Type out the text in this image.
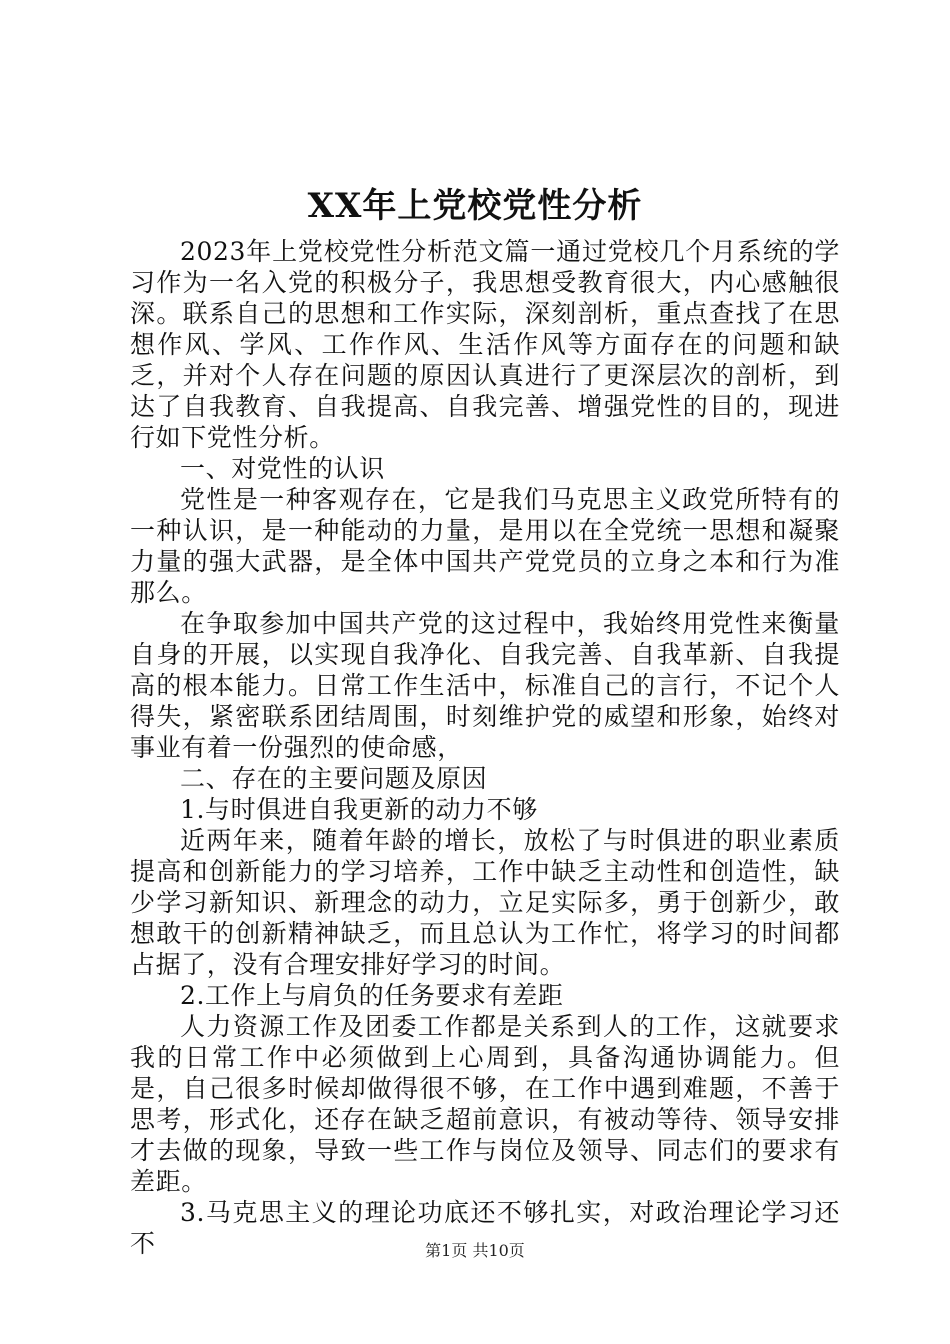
XX年上党校党性分析

2023年上党校党性分析范文篇一通过党校几个月系统的学习作为一名入党的积极分子，我思想受教育很大，内心感触很深。联系自己的思想和工作实际，深刻剖析，重点查找了在思想作风、学风、工作作风、生活作风等方面存在的问题和缺乏，并对个人存在问题的原因认真进行了更深层次的剖析，到达了自我教育、自我提高、自我完善、增强党性的目的，现进行如下党性分析。

一、对党性的认识

党性是一种客观存在，它是我们马克思主义政党所特有的一种认识，是一种能动的力量，是用以在全党统一思想和凝聚力量的强大武器，是全体中国共产党党员的立身之本和行为准那么。

在争取参加中国共产党的这过程中，我始终用党性来衡量自身的开展，以实现自我净化、自我完善、自我革新、自我提高的根本能力。日常工作生活中，标准自己的言行，不记个人得失，紧密联系团结周围，时刻维护党的威望和形象，始终对事业有着一份强烈的使命感，

二、存在的主要问题及原因

1.与时俱进自我更新的动力不够

近两年来，随着年龄的增长，放松了与时俱进的职业素质提高和创新能力的学习培养，工作中缺乏主动性和创造性，缺少学习新知识、新理念的动力，立足实际多，勇于创新少，敢想敢干的创新精神缺乏，而且总认为工作忙，将学习的时间都占据了，没有合理安排好学习的时间。

2.工作上与肩负的任务要求有差距

人力资源工作及团委工作都是关系到人的工作，这就要求我的日常工作中必须做到上心周到，具备沟通协调能力。但是，自己很多时候却做得很不够，在工作中遇到难题，不善于思考，形式化，还存在缺乏超前意识，有被动等待、领导安排才去做的现象，导致一些工作与岗位及领导、同志们的要求有差距。

3.马克思主义的理论功底还不够扎实，对政治理论学习还不	第1页 共10页
